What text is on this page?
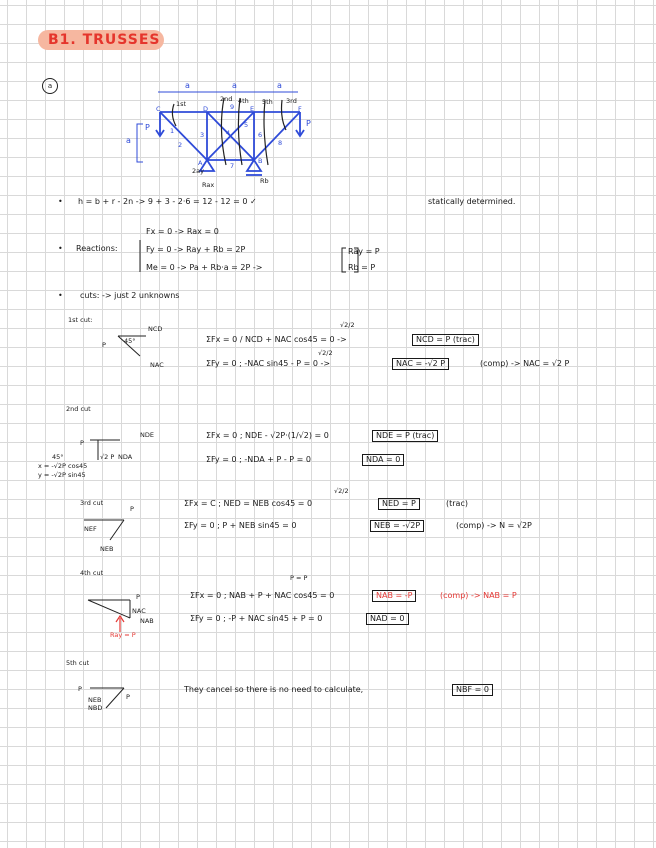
B1. TRUSSES
a	a	a	a
a
P	P
1st
2nd 4th 5th 3rd
C	D	E	F
A	B
1
2
3	4
5
6
7
8
9
2ay
Rax	Rb
• h = b + r - 2n -> 9 + 3 - 2·6 = 12 - 12 = 0 ✓	statically determined.
• Reactions:
Fx = 0 -> Rax = 0
Fy = 0 -> Ray + Rb = 2P
Me = 0 -> Pa + Rb·a = 2P ->
Ray = P
Rb = P
• cuts: -> just 2 unknowns
1st cut:
P
NCD
NAC
45°
√2/2
ΣFx = 0 / NCD + NAC cos45 = 0 ->	NCD = P (trac)
√2/2
ΣFy = 0 ; -NAC sin45 - P = 0 ->	NAC = -√2 P	(comp) -> NAC = √2 P
2nd cut
P
NDE
√2 P NDA
45°
x = -√2P cos45
y = -√2P sin45
ΣFx = 0 ; NDE - √2P·(1/√2) = 0	NDE = P (trac)
ΣFy = 0 ; -NDA + P - P = 0	NDA = 0
3rd cut
NEF
P
NEB
√2/2
ΣFx = C ; NED = NEB cos45 = 0	NED = P	(trac)
ΣFy = 0 ; P + NEB sin45 = 0	NEB = -√2P	(comp) -> N = √2P
4th cut
P
NAC
NAB
Ray = P
P = P
ΣFx = 0 ; NAB + P + NAC cos45 = 0	NAB = -P	(comp) -> NAB = P
ΣFy = 0 ; -P + NAC sin45 + P = 0	NAD = 0
5th cut
P
NEB
NBD
P
They cancel so there is no need to calculate,	NBF = 0
